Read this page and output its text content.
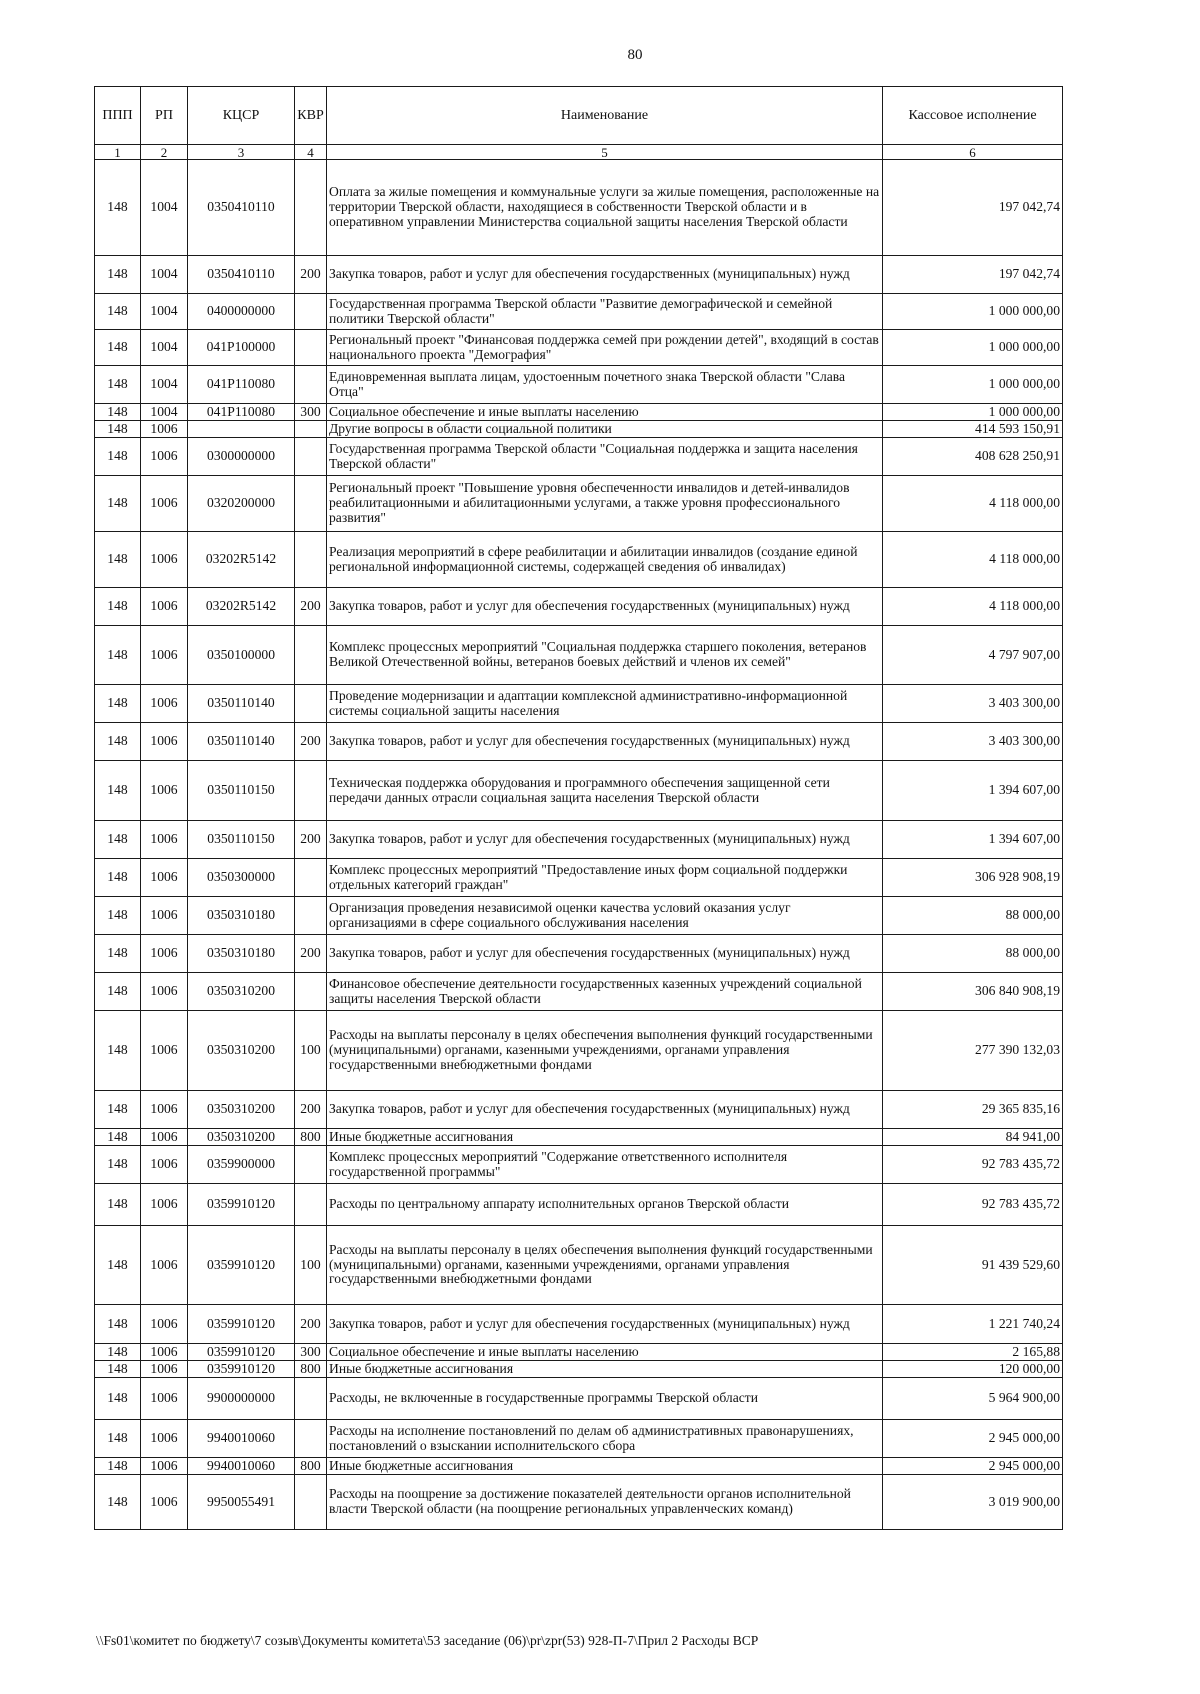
80
ППП	РП	КЦСР	КВР	Наименование	Кассовое исполнение
1	2	3	4	5	6
148	1004	0350410110		Оплата за жилые помещения и коммунальные услуги за жилые помещения, расположенные на территории Тверской области, находящиеся в собственности Тверской области и в оперативном управлении Министерства социальной защиты населения Тверской области	197 042,74
148	1004	0350410110	200	Закупка товаров, работ и услуг для обеспечения государственных (муниципальных) нужд	197 042,74
148	1004	0400000000		Государственная программа Тверской области "Развитие демографической и семейной политики Тверской области"	1 000 000,00
148	1004	041P100000		Региональный проект "Финансовая поддержка семей при рождении детей", входящий в состав национального проекта "Демография"	1 000 000,00
148	1004	041P110080		Единовременная выплата лицам, удостоенным почетного знака Тверской области "Слава Отца"	1 000 000,00
148	1004	041P110080	300	Социальное обеспечение и иные выплаты населению	1 000 000,00
148	1006			Другие вопросы в области социальной политики	414 593 150,91
148	1006	0300000000		Государственная программа Тверской области "Социальная поддержка и защита населения Тверской области"	408 628 250,91
148	1006	0320200000		Региональный проект "Повышение уровня обеспеченности инвалидов и детей-инвалидов реабилитационными и абилитационными услугами, а также уровня профессионального развития"	4 118 000,00
148	1006	03202R5142		Реализация мероприятий в сфере реабилитации и абилитации инвалидов (создание единой региональной информационной системы, содержащей сведения об инвалидах)	4 118 000,00
148	1006	03202R5142	200	Закупка товаров, работ и услуг для обеспечения государственных (муниципальных) нужд	4 118 000,00
148	1006	0350100000		Комплекс процессных мероприятий "Социальная поддержка старшего поколения, ветеранов Великой Отечественной войны, ветеранов боевых действий и членов их семей"	4 797 907,00
148	1006	0350110140		Проведение модернизации и адаптации комплексной административно-информационной системы социальной защиты населения	3 403 300,00
148	1006	0350110140	200	Закупка товаров, работ и услуг для обеспечения государственных (муниципальных) нужд	3 403 300,00
148	1006	0350110150		Техническая поддержка оборудования и программного обеспечения защищенной сети передачи данных отрасли социальная защита населения Тверской области	1 394 607,00
148	1006	0350110150	200	Закупка товаров, работ и услуг для обеспечения государственных (муниципальных) нужд	1 394 607,00
148	1006	0350300000		Комплекс процессных мероприятий "Предоставление иных форм социальной поддержки отдельных категорий граждан"	306 928 908,19
148	1006	0350310180		Организация проведения независимой оценки качества условий оказания услуг организациями в сфере социального обслуживания населения	88 000,00
148	1006	0350310180	200	Закупка товаров, работ и услуг для обеспечения государственных (муниципальных) нужд	88 000,00
148	1006	0350310200		Финансовое обеспечение деятельности государственных казенных учреждений социальной защиты населения Тверской области	306 840 908,19
148	1006	0350310200	100	Расходы на выплаты персоналу в целях обеспечения выполнения функций государственными (муниципальными) органами, казенными учреждениями, органами управления государственными внебюджетными фондами	277 390 132,03
148	1006	0350310200	200	Закупка товаров, работ и услуг для обеспечения государственных (муниципальных) нужд	29 365 835,16
148	1006	0350310200	800	Иные бюджетные ассигнования	84 941,00
148	1006	0359900000		Комплекс процессных мероприятий "Содержание ответственного исполнителя государственной программы"	92 783 435,72
148	1006	0359910120		Расходы по центральному аппарату исполнительных органов Тверской области	92 783 435,72
148	1006	0359910120	100	Расходы на выплаты персоналу в целях обеспечения выполнения функций государственными (муниципальными) органами, казенными учреждениями, органами управления государственными внебюджетными фондами	91 439 529,60
148	1006	0359910120	200	Закупка товаров, работ и услуг для обеспечения государственных (муниципальных) нужд	1 221 740,24
148	1006	0359910120	300	Социальное обеспечение и иные выплаты населению	2 165,88
148	1006	0359910120	800	Иные бюджетные ассигнования	120 000,00
148	1006	9900000000		Расходы, не включенные в государственные программы Тверской области	5 964 900,00
148	1006	9940010060		Расходы на исполнение постановлений по делам об административных правонарушениях, постановлений о взыскании исполнительского сбора	2 945 000,00
148	1006	9940010060	800	Иные бюджетные ассигнования	2 945 000,00
148	1006	9950055491		Расходы на поощрение за достижение показателей деятельности органов исполнительной власти Тверской области (на поощрение региональных управленческих команд)	3 019 900,00
\\Fs01\комитет по бюджету\7 созыв\Документы комитета\53 заседание (06)\pr\zpr(53) 928-П-7\Прил 2 Расходы ВСР
